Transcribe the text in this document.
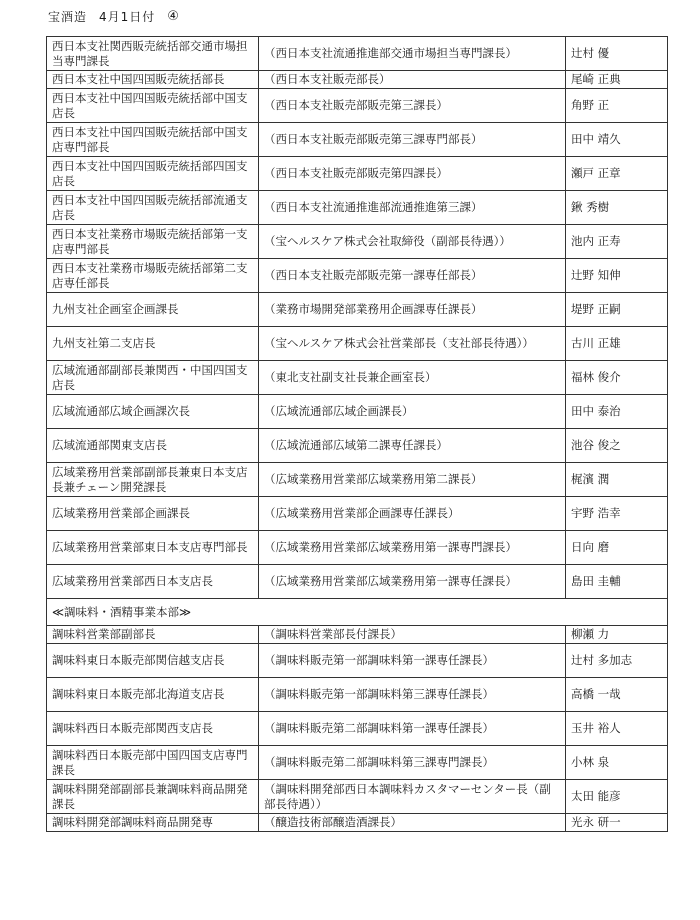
宝酒造 4月1日付 ④
西日本支社関西販売統括部交通市場担当専門課長	（西日本支社流通推進部交通市場担当専門課長）	辻村 優
西日本支社中国四国販売統括部長	（西日本支社販売部長）	尾崎 正典
西日本支社中国四国販売統括部中国支店長	（西日本支社販売部販売第三課長）	角野 正
西日本支社中国四国販売統括部中国支店専門部長	（西日本支社販売部販売第三課専門部長）	田中 靖久
西日本支社中国四国販売統括部四国支店長	（西日本支社販売部販売第四課長）	瀬戸 正章
西日本支社中国四国販売統括部流通支店長	（西日本支社流通推進部流通推進第三課）	鍬 秀樹
西日本支社業務市場販売統括部第一支店専門部長	（宝ヘルスケア株式会社取締役（副部長待遇））	池内 正寿
西日本支社業務市場販売統括部第二支店専任部長	（西日本支社販売部販売第一課専任部長）	辻野 知伸
九州支社企画室企画課長	（業務市場開発部業務用企画課専任課長）	堤野 正嗣
九州支社第二支店長	（宝ヘルスケア株式会社営業部長（支社部長待遇））	古川 正雄
広域流通部副部長兼関西・中国四国支店長	（東北支社副支社長兼企画室長）	福林 俊介
広域流通部広域企画課次長	（広域流通部広域企画課長）	田中 泰治
広域流通部関東支店長	（広域流通部広域第二課専任課長）	池谷 俊之
広域業務用営業部副部長兼東日本支店長兼チェーン開発課長	（広域業務用営業部広域業務用第二課長）	梶濱 潤
広域業務用営業部企画課長	（広域業務用営業部企画課専任課長）	宇野 浩幸
広域業務用営業部東日本支店専門部長	（広域業務用営業部広域業務用第一課専門課長）	日向 磨
広域業務用営業部西日本支店長	（広域業務用営業部広域業務用第一課専任課長）	島田 圭輔
≪調味料・酒精事業本部≫		
調味料営業部副部長	（調味料営業部長付課長）	柳瀬 力
調味料東日本販売部関信越支店長	（調味料販売第一部調味料第一課専任課長）	辻村 多加志
調味料東日本販売部北海道支店長	（調味料販売第一部調味料第三課専任課長）	高橋 一哉
調味料西日本販売部関西支店長	（調味料販売第二部調味料第一課専任課長）	玉井 裕人
調味料西日本販売部中国四国支店専門課長	（調味料販売第二部調味料第三課専門課長）	小林 泉
調味料開発部副部長兼調味料商品開発課長	（調味料開発部西日本調味料カスタマーセンター長（副部長待遇））	太田 能彦
調味料開発部調味料商品開発専	（醸造技術部醸造酒課長）	光永 研一
